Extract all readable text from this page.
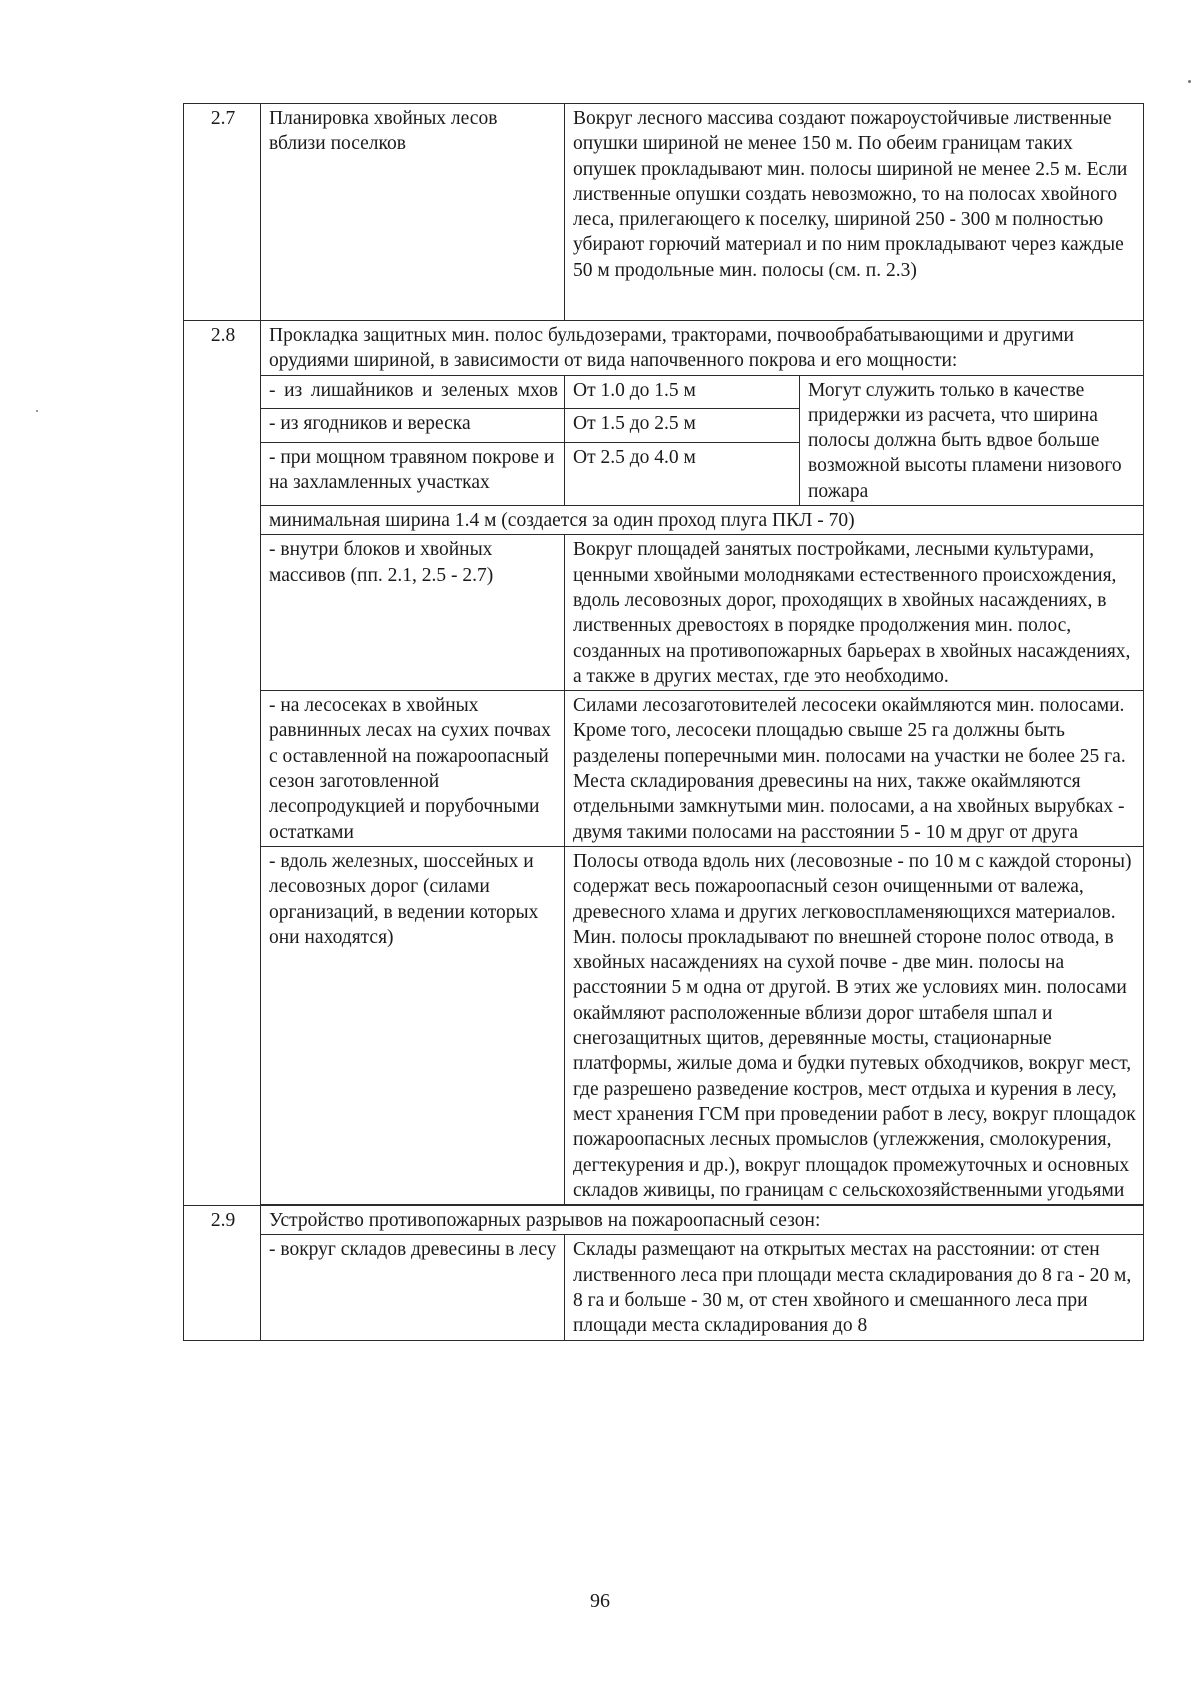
2.7	Планировка хвойных лесов вблизи поселков	Вокруг лесного массива создают пожароустойчивые лиственные опушки шириной не менее 150 м. По обеим границам таких опушек прокладывают мин. полосы шириной не менее 2.5 м. Если лиственные опушки создать невозможно, то на полосах хвойного леса, прилегающего к поселку, шириной 250 - 300 м полностью убирают горючий материал и по ним прокладывают через каждые 50 м продольные мин. полосы (см. п. 2.3)	
2.8	Прокладка защитных мин. полос бульдозерами, тракторами, почвообрабатывающими и другими орудиями шириной, в зависимости от вида напочвенного покрова и его мощности:		
	- из лишайников и зеленых мхов	От 1.0 до 1.5 м	Могут служить только в качестве придержки из расчета, что ширина полосы должна быть вдвое больше возможной высоты пламени низового пожара
	- из ягодников и вереска	От 1.5 до 2.5 м	
	- при мощном травяном покрове и на захламленных участках	От 2.5 до 4.0 м	
	минимальная ширина 1.4 м (создается за один проход плуга ПКЛ - 70)		
	- внутри блоков и хвойных массивов (пп. 2.1, 2.5 - 2.7)	Вокруг площадей занятых постройками, лесными культурами, ценными хвойными молодняками естественного происхождения, вдоль лесовозных дорог, проходящих в хвойных насаждениях, в лиственных древостоях в порядке продолжения мин. полос, созданных на противопожарных барьерах в хвойных насаждениях, а также в других местах, где это необходимо.	
	- на лесосеках в хвойных равнинных лесах на сухих почвах с оставленной на пожароопасный сезон заготовленной лесопродукцией и порубочными остатками	Силами лесозаготовителей лесосеки окаймляются мин. полосами. Кроме того, лесосеки площадью свыше 25 га должны быть разделены поперечными мин. полосами на участки не более 25 га. Места складирования древесины на них, также окаймляются отдельными замкнутыми мин. полосами, а на хвойных вырубках - двумя такими полосами на расстоянии 5 - 10 м друг от друга	
	- вдоль железных, шоссейных и лесовозных дорог (силами организаций, в ведении которых они находятся)	Полосы отвода вдоль них (лесовозные - по 10 м с каждой стороны) содержат весь пожароопасный сезон очищенными от валежа, древесного хлама и других легковоспламеняющихся материалов. Мин. полосы прокладывают по внешней стороне полос отвода, в хвойных насаждениях на сухой почве - две мин. полосы на расстоянии 5 м одна от другой. В этих же условиях мин. полосами окаймляют расположенные вблизи дорог штабеля шпал и снегозащитных щитов, деревянные мосты, стационарные платформы, жилые дома и будки путевых обходчиков, вокруг мест, где разрешено разведение костров, мест отдыха и курения в лесу, мест хранения ГСМ при проведении работ в лесу, вокруг площадок пожароопасных лесных промыслов (углежжения, смолокурения, дегтекурения и др.), вокруг площадок промежуточных и основных складов живицы, по границам с сельскохозяйственными угодьями	

2.9	Устройство противопожарных разрывов на пожароопасный сезон:		
	- вокруг складов древесины в лесу	Склады размещают на открытых местах на расстоянии: от стен лиственного леса при площади места складирования до 8 га - 20 м, 8 га и больше - 30 м, от стен хвойного и смешанного леса при площади места складирования до 8	
96
